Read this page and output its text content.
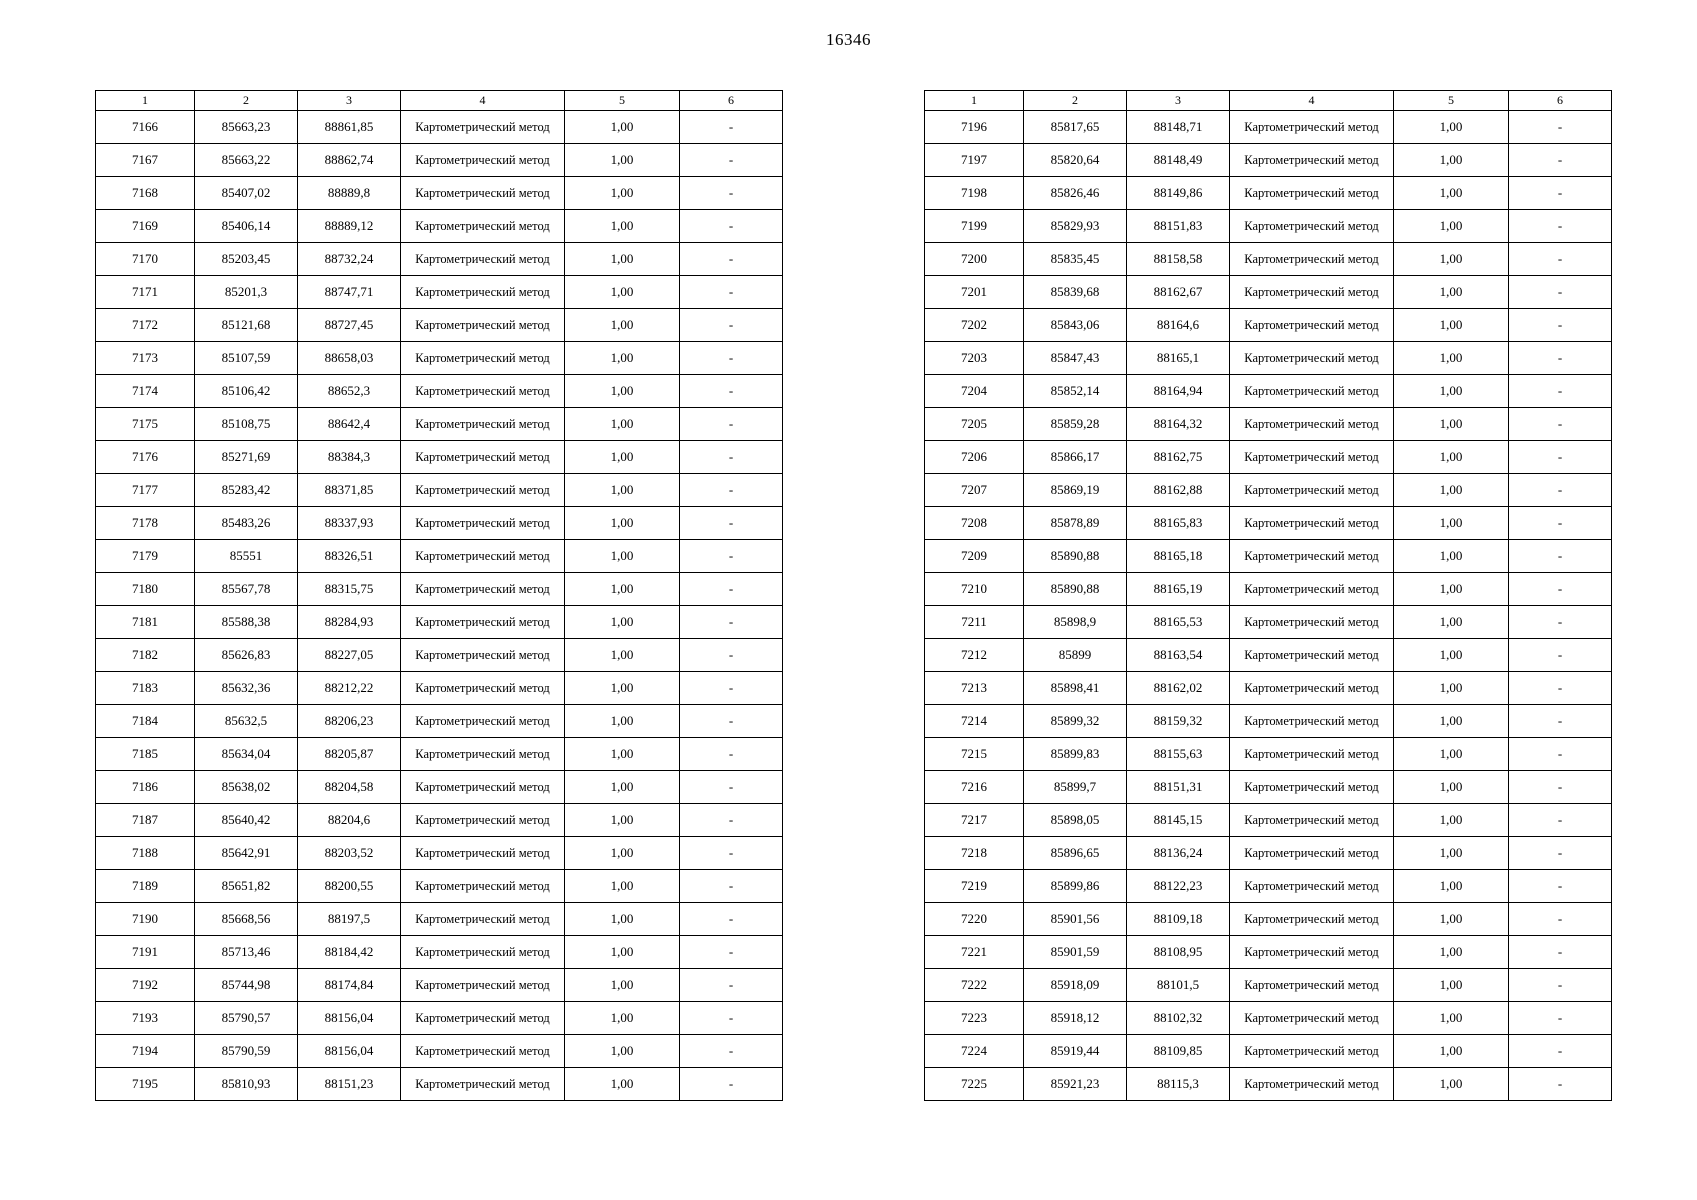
16346
1	2	3	4	5	6
7166	85663,23	88861,85	Картометрический метод	1,00	-
7167	85663,22	88862,74	Картометрический метод	1,00	-
7168	85407,02	88889,8	Картометрический метод	1,00	-
7169	85406,14	88889,12	Картометрический метод	1,00	-
7170	85203,45	88732,24	Картометрический метод	1,00	-
7171	85201,3	88747,71	Картометрический метод	1,00	-
7172	85121,68	88727,45	Картометрический метод	1,00	-
7173	85107,59	88658,03	Картометрический метод	1,00	-
7174	85106,42	88652,3	Картометрический метод	1,00	-
7175	85108,75	88642,4	Картометрический метод	1,00	-
7176	85271,69	88384,3	Картометрический метод	1,00	-
7177	85283,42	88371,85	Картометрический метод	1,00	-
7178	85483,26	88337,93	Картометрический метод	1,00	-
7179	85551	88326,51	Картометрический метод	1,00	-
7180	85567,78	88315,75	Картометрический метод	1,00	-
7181	85588,38	88284,93	Картометрический метод	1,00	-
7182	85626,83	88227,05	Картометрический метод	1,00	-
7183	85632,36	88212,22	Картометрический метод	1,00	-
7184	85632,5	88206,23	Картометрический метод	1,00	-
7185	85634,04	88205,87	Картометрический метод	1,00	-
7186	85638,02	88204,58	Картометрический метод	1,00	-
7187	85640,42	88204,6	Картометрический метод	1,00	-
7188	85642,91	88203,52	Картометрический метод	1,00	-
7189	85651,82	88200,55	Картометрический метод	1,00	-
7190	85668,56	88197,5	Картометрический метод	1,00	-
7191	85713,46	88184,42	Картометрический метод	1,00	-
7192	85744,98	88174,84	Картометрический метод	1,00	-
7193	85790,57	88156,04	Картометрический метод	1,00	-
7194	85790,59	88156,04	Картометрический метод	1,00	-
7195	85810,93	88151,23	Картометрический метод	1,00	-
1	2	3	4	5	6
7196	85817,65	88148,71	Картометрический метод	1,00	-
7197	85820,64	88148,49	Картометрический метод	1,00	-
7198	85826,46	88149,86	Картометрический метод	1,00	-
7199	85829,93	88151,83	Картометрический метод	1,00	-
7200	85835,45	88158,58	Картометрический метод	1,00	-
7201	85839,68	88162,67	Картометрический метод	1,00	-
7202	85843,06	88164,6	Картометрический метод	1,00	-
7203	85847,43	88165,1	Картометрический метод	1,00	-
7204	85852,14	88164,94	Картометрический метод	1,00	-
7205	85859,28	88164,32	Картометрический метод	1,00	-
7206	85866,17	88162,75	Картометрический метод	1,00	-
7207	85869,19	88162,88	Картометрический метод	1,00	-
7208	85878,89	88165,83	Картометрический метод	1,00	-
7209	85890,88	88165,18	Картометрический метод	1,00	-
7210	85890,88	88165,19	Картометрический метод	1,00	-
7211	85898,9	88165,53	Картометрический метод	1,00	-
7212	85899	88163,54	Картометрический метод	1,00	-
7213	85898,41	88162,02	Картометрический метод	1,00	-
7214	85899,32	88159,32	Картометрический метод	1,00	-
7215	85899,83	88155,63	Картометрический метод	1,00	-
7216	85899,7	88151,31	Картометрический метод	1,00	-
7217	85898,05	88145,15	Картометрический метод	1,00	-
7218	85896,65	88136,24	Картометрический метод	1,00	-
7219	85899,86	88122,23	Картометрический метод	1,00	-
7220	85901,56	88109,18	Картометрический метод	1,00	-
7221	85901,59	88108,95	Картометрический метод	1,00	-
7222	85918,09	88101,5	Картометрический метод	1,00	-
7223	85918,12	88102,32	Картометрический метод	1,00	-
7224	85919,44	88109,85	Картометрический метод	1,00	-
7225	85921,23	88115,3	Картометрический метод	1,00	-
